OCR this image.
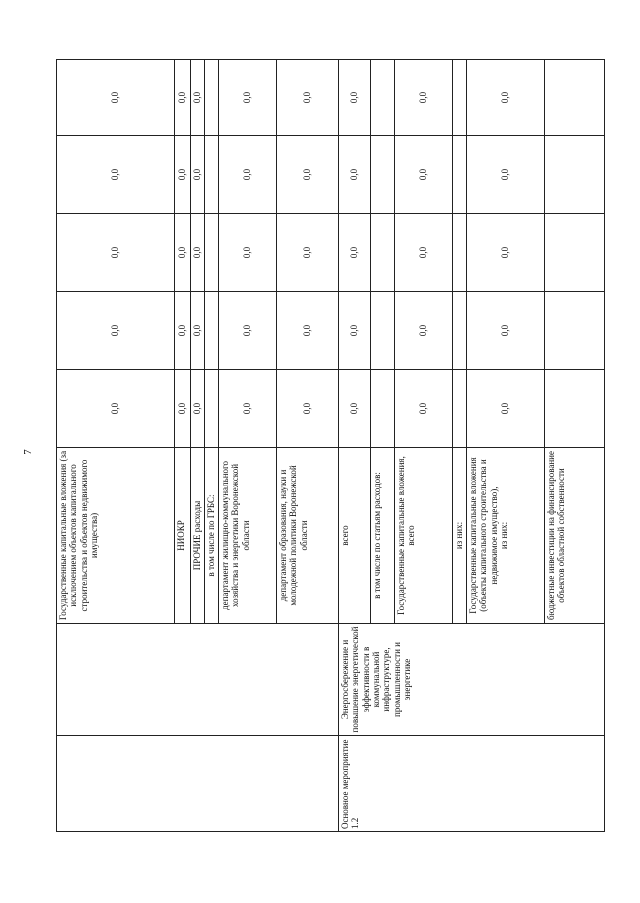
7
			Государственные капитальные вложения (за исключением объектов капитального строительства и объектов недвижимого имущества)	0,0	0,0	0,0	0,0	0,0
		НИОКР	0,0	0,0	0,0	0,0	0,0
		ПРОЧИЕ расходы	0,0	0,0	0,0	0,0	0,0
		в том числе по ГРБС:					
		департамент жилищно-коммунального хозяйства и энергетики Воронежской области	0,0	0,0	0,0	0,0	0,0
		департамент образования, науки и молодежной политики Воронежской области	0,0	0,0	0,0	0,0	0,0
Основное мероприятие 1.2	Энергосбережение и повышение энергетической эффективности в коммунальной инфраструктуре, промышленности и энергетике	всего	0,0	0,0	0,0	0,0	0,0
		в том числе по статьям расходов:					
		Государственные капитальные вложения, всего	0,0	0,0	0,0	0,0	0,0
		из них:					

		Государственные капитальные вложения (объекты капитального строительства и недвижимое имущество), из них:	0,0	0,0	0,0	0,0	0,0
		бюджетные инвестиции на финансирование объектов областной собственности					
